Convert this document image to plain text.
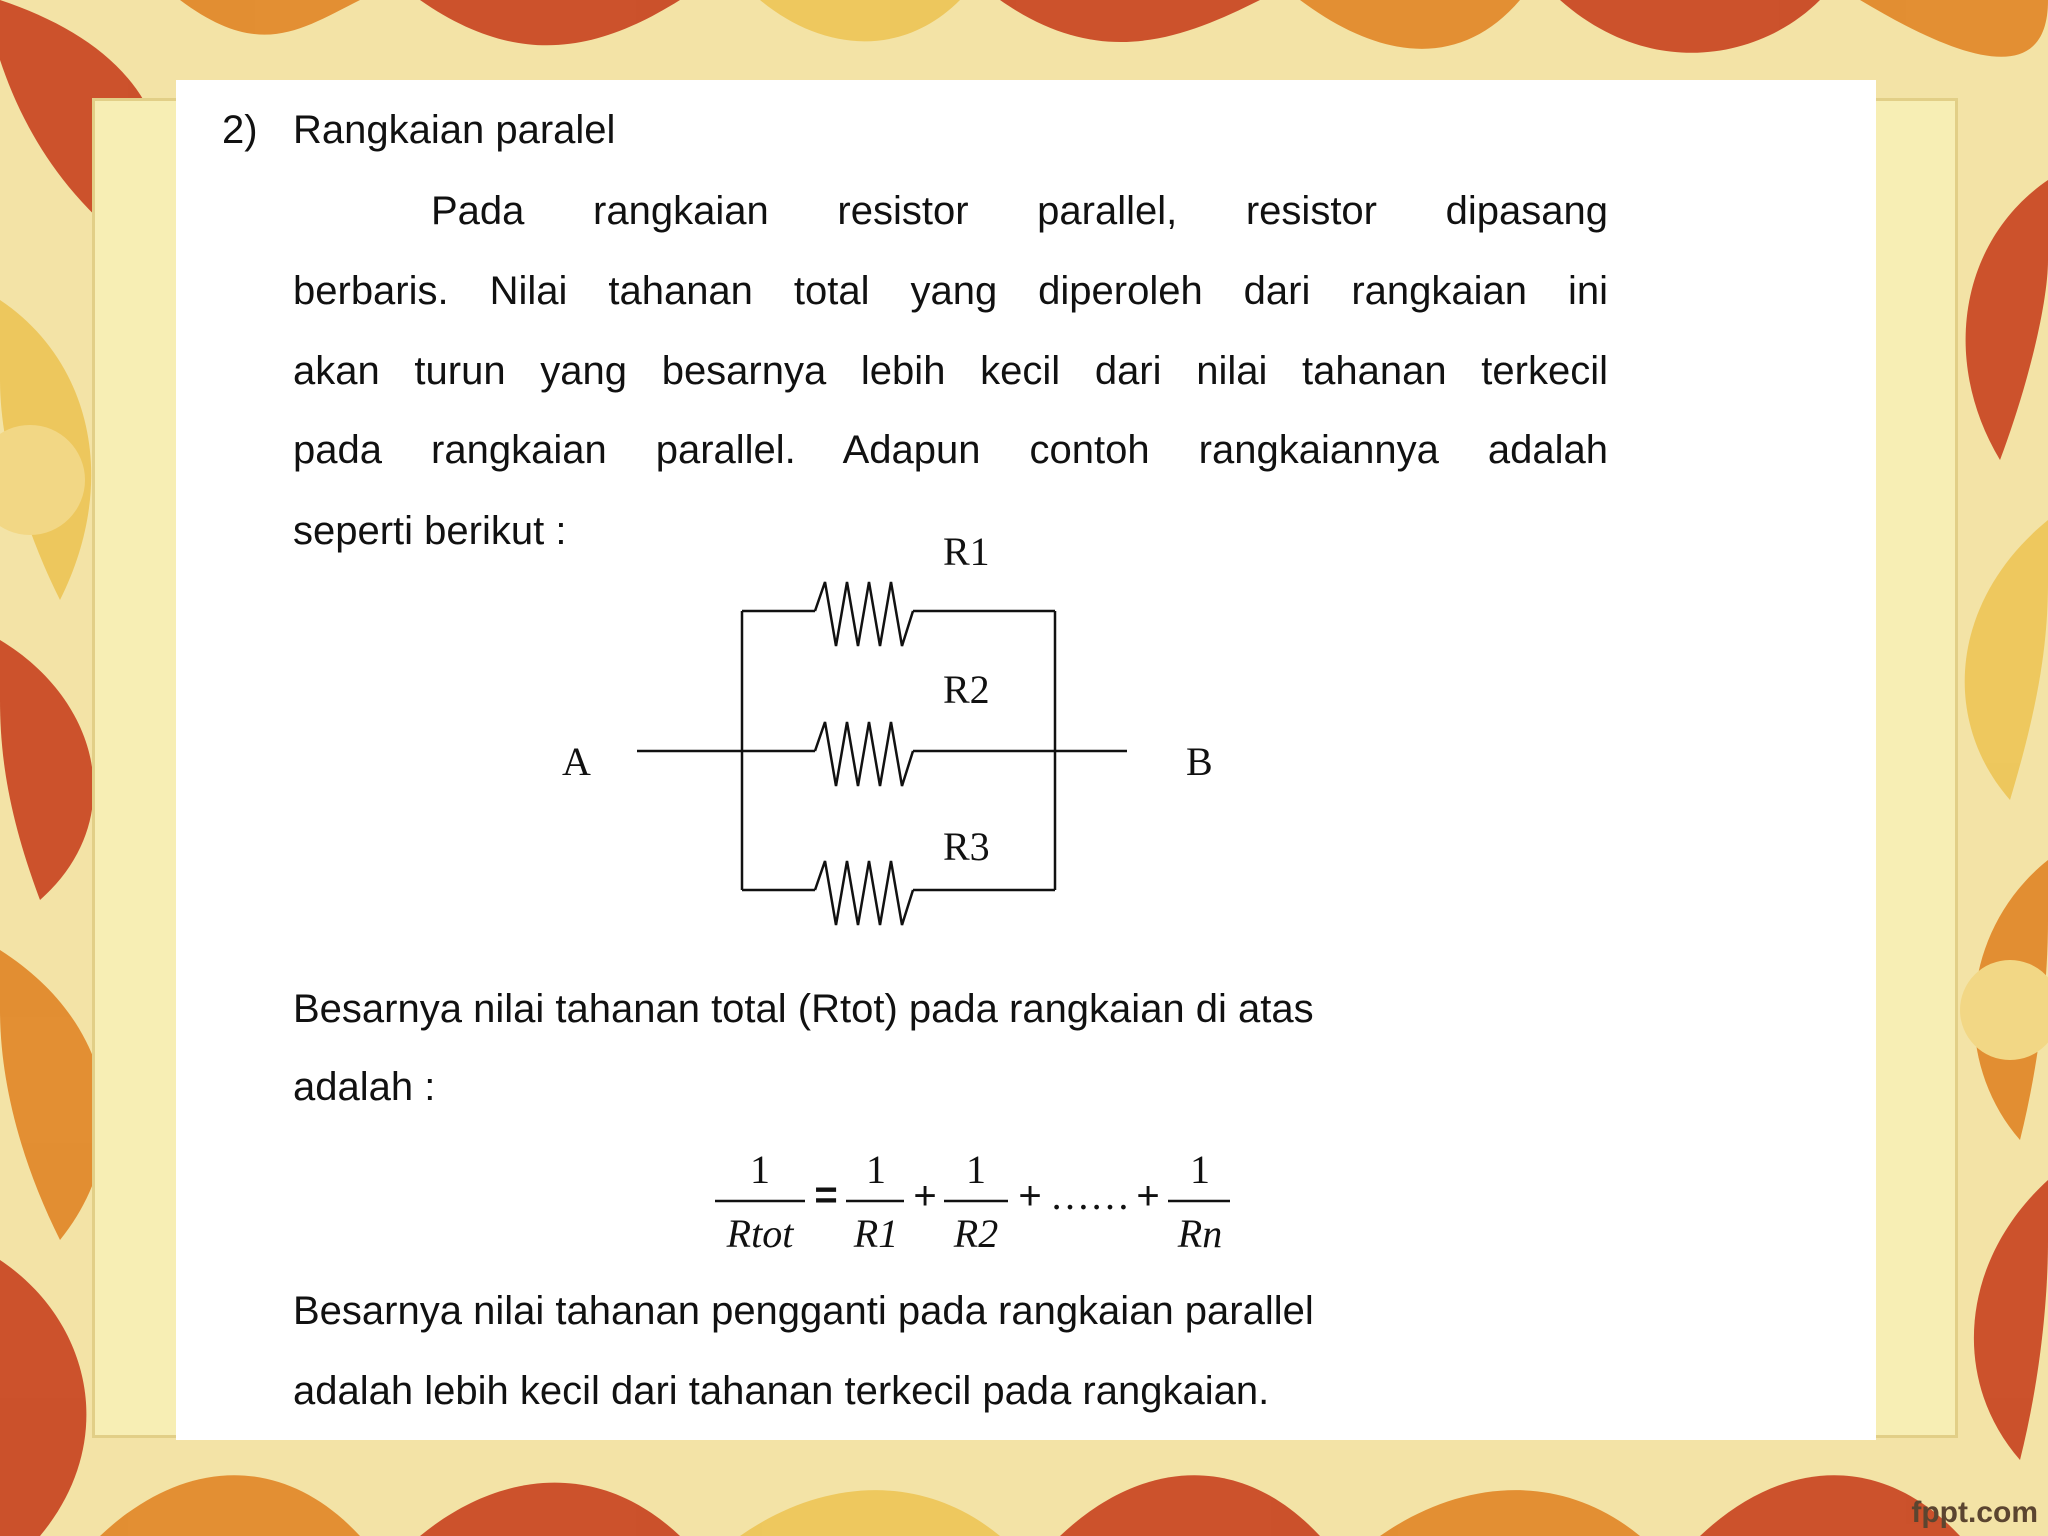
2) Rangkaian paralel
Pada rangkaian resistor parallel, resistor dipasang
berbaris. Nilai tahanan total yang diperoleh dari rangkaian ini
akan turun yang besarnya lebih kecil dari nilai tahanan terkecil
pada rangkaian parallel. Adapun contoh rangkaiannya adalah
seperti berikut :
A	B
R1
R2
R3
Besarnya nilai tahanan total (Rtot) pada rangkaian di atas
adalah :
1
Rtot
=
1
R1
+
1
R2
+ …… +
1
Rn
Besarnya nilai tahanan pengganti pada rangkaian parallel
adalah lebih kecil dari tahanan terkecil pada rangkaian.
fppt.com
